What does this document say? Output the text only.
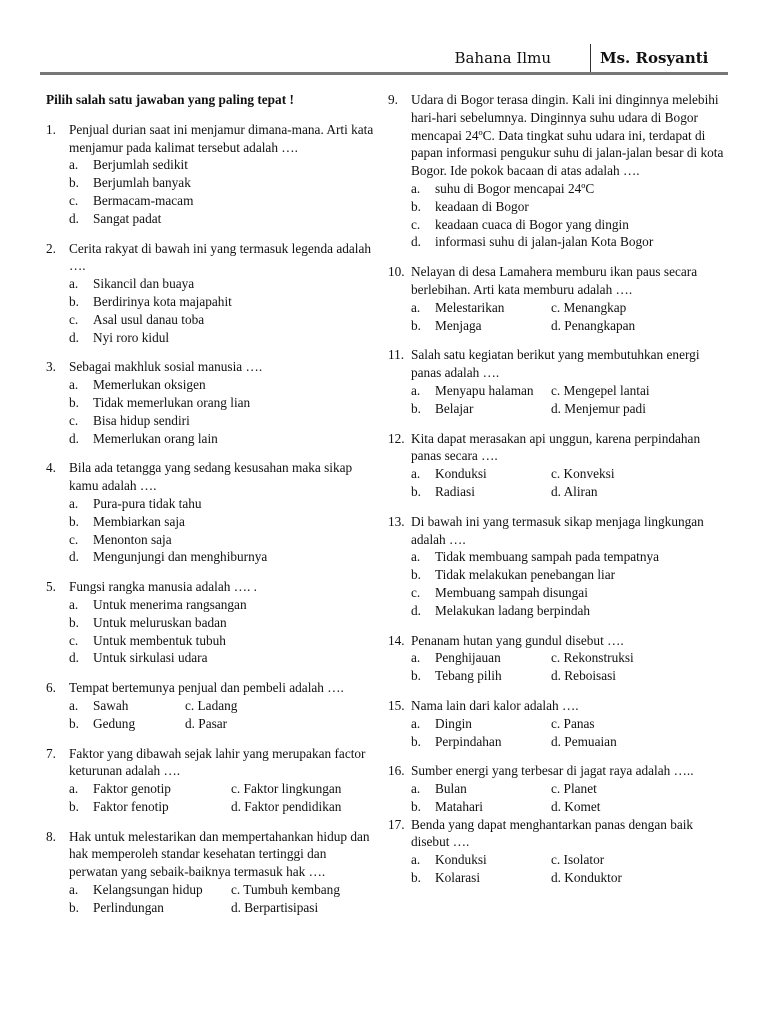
Bahana Ilmu	Ms. Rosyanti
Pilih salah satu jawaban yang paling tepat !
1. Penjual durian saat ini menjamur dimana-mana. Arti kata menjamur pada kalimat tersebut adalah ….
a.	Berjumlah sedikit
b.	Berjumlah banyak
c.	Bermacam-macam
d.	Sangat padat
2. Cerita rakyat di bawah ini yang termasuk legenda adalah ….
a.	Sikancil dan buaya
b.	Berdirinya kota majapahit
c.	Asal usul danau toba
d.	Nyi roro kidul
3. Sebagai makhluk sosial manusia ….
a.	Memerlukan oksigen
b.	Tidak memerlukan orang lian
c.	Bisa hidup sendiri
d.	Memerlukan orang lain
4. Bila ada tetangga yang sedang kesusahan maka sikap kamu adalah ….
a.	Pura-pura tidak tahu
b.	Membiarkan saja
c.	Menonton saja
d.	Mengunjungi dan menghiburnya
5. Fungsi rangka manusia adalah …. .
a.	Untuk menerima rangsangan
b.	Untuk meluruskan badan
c.	Untuk membentuk tubuh
d.	Untuk sirkulasi udara
6. Tempat bertemunya penjual dan pembeli adalah ….
a.	Sawah	c. Ladang
b.	Gedung	d. Pasar
7. Faktor yang dibawah sejak lahir yang merupakan factor keturunan adalah ….
a.	Faktor genotip	c. Faktor lingkungan
b.	Faktor fenotip	d. Faktor pendidikan
8. Hak untuk melestarikan dan mempertahankan hidup dan hak memperoleh standar kesehatan tertinggi dan perwatan yang sebaik-baiknya termasuk hak ….
a.	Kelangsungan hidup c. Tumbuh kembang
b.	Perlindungan	d. Berpartisipasi
9. Udara di Bogor terasa dingin. Kali ini dinginnya melebihi hari-hari sebelumnya. Dinginnya suhu udara di Bogor mencapai 24ºC. Data tingkat suhu udara ini, terdapat di papan informasi pengukur suhu di jalan-jalan besar di kota Bogor. Ide pokok bacaan di atas adalah ….
a.	suhu di Bogor mencapai 24ºC
b.	keadaan di Bogor
c.	keadaan cuaca di Bogor yang dingin
d.	informasi suhu di jalan-jalan Kota Bogor
10. Nelayan di desa Lamahera memburu ikan paus secara berlebihan. Arti kata memburu adalah ….
a.	Melestarikan	c. Menangkap
b.	Menjaga	d. Penangkapan
11. Salah satu kegiatan berikut yang membutuhkan energi panas adalah ….
a.	Menyapu halaman c. Mengepel lantai
b.	Belajar	d. Menjemur padi
12. Kita dapat merasakan api unggun, karena perpindahan panas secara ….
a.	Konduksi	c. Konveksi
b.	Radiasi	d. Aliran
13. Di bawah ini yang termasuk sikap menjaga lingkungan adalah ….
a.	Tidak membuang sampah pada tempatnya
b.	Tidak melakukan penebangan liar
c.	Membuang sampah disungai
d.	Melakukan ladang berpindah
14. Penanam hutan yang gundul disebut ….
a.	Penghijauan	c. Rekonstruksi
b.	Tebang pilih	d. Reboisasi
15. Nama lain dari kalor adalah ….
a.	Dingin	c. Panas
b.	Perpindahan	d. Pemuaian
16. Sumber energi yang terbesar di jagat raya adalah …..
a.	Bulan	c. Planet
b.	Matahari	d. Komet
17. Benda yang dapat menghantarkan panas dengan baik disebut ….
a.	Konduksi	c. Isolator
b.	Kolarasi	d. Konduktor
